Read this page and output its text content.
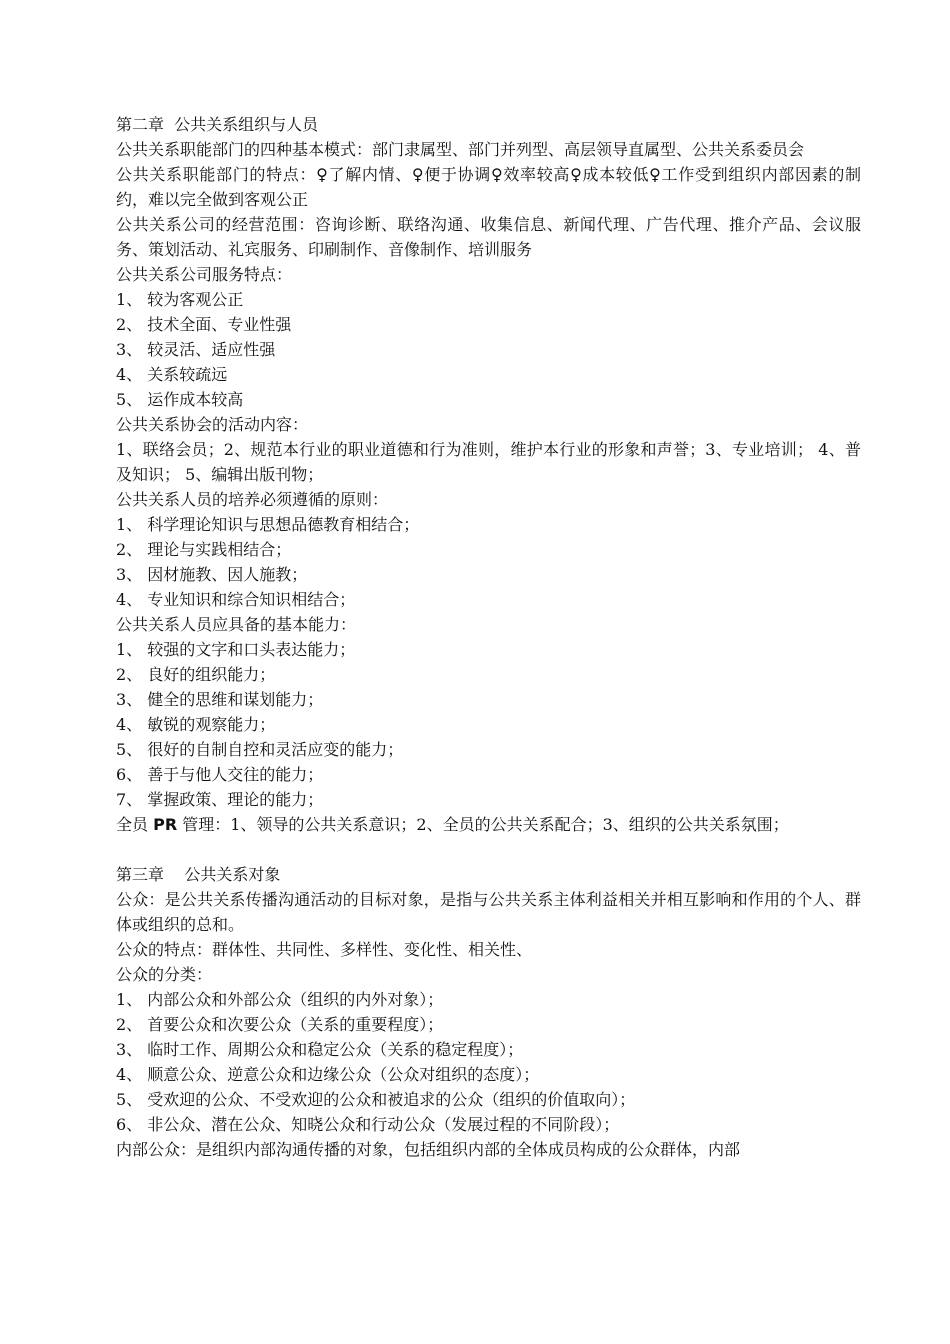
第二章  公共关系组织与人员
公共关系职能部门的四种基本模式：部门隶属型、部门并列型、高层领导直属型、公共关系委员会
公共关系职能部门的特点：♀了解内情、♀便于协调♀效率较高♀成本较低♀工作受到组织内部因素的制约，难以完全做到客观公正
公共关系公司的经营范围：咨询诊断、联络沟通、收集信息、新闻代理、广告代理、推介产品、会议服务、策划活动、礼宾服务、印刷制作、音像制作、培训服务
公共关系公司服务特点：
1、 较为客观公正
2、 技术全面、专业性强
3、 较灵活、适应性强
4、 关系较疏远
5、 运作成本较高
公共关系协会的活动内容：
1、联络会员；2、规范本行业的职业道德和行为准则，维护本行业的形象和声誉；3、专业培训； 4、普及知识； 5、编辑出版刊物；
公共关系人员的培养必须遵循的原则：
1、 科学理论知识与思想品德教育相结合；
2、 理论与实践相结合；
3、 因材施教、因人施教；
4、 专业知识和综合知识相结合；
公共关系人员应具备的基本能力：
1、 较强的文字和口头表达能力；
2、 良好的组织能力；
3、 健全的思维和谋划能力；
4、 敏锐的观察能力；
5、 很好的自制自控和灵活应变的能力；
6、 善于与他人交往的能力；
7、 掌握政策、理论的能力；
全员 PR 管理：1、领导的公共关系意识；2、全员的公共关系配合；3、组织的公共关系氛围；
第三章    公共关系对象
公众：是公共关系传播沟通活动的目标对象，是指与公共关系主体利益相关并相互影响和作用的个人、群体或组织的总和。
公众的特点：群体性、共同性、多样性、变化性、相关性、
公众的分类：
1、 内部公众和外部公众（组织的内外对象）；
2、 首要公众和次要公众（关系的重要程度）；
3、 临时工作、周期公众和稳定公众（关系的稳定程度）；
4、 顺意公众、逆意公众和边缘公众（公众对组织的态度）；
5、 受欢迎的公众、不受欢迎的公众和被追求的公众（组织的价值取向）；
6、 非公众、潜在公众、知晓公众和行动公众（发展过程的不同阶段）；
内部公众：是组织内部沟通传播的对象，包括组织内部的全体成员构成的公众群体，内部
